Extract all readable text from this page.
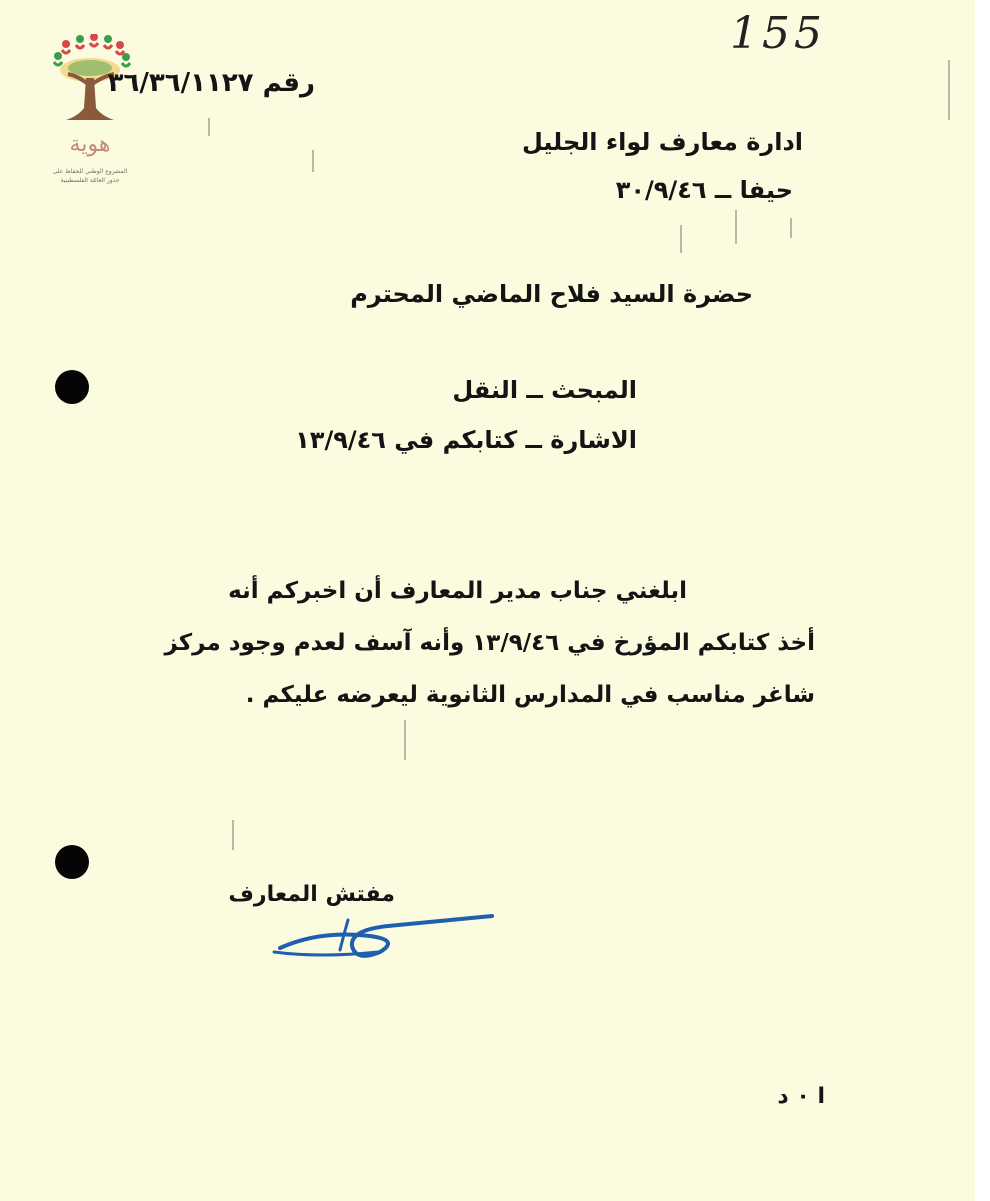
هوية
المشروع الوطني للحفاظ على
جذور العائلة الفلسطينية
155
رقم ٣٦/٣٦/١١٢٧
ادارة معارف لواء الجليل
حيفا ــ ٣٠/٩/٤٦
حضرة السيد فلاح الماضي المحترم
المبحث ــ النقل
الاشارة ــ كتابكم في ١٣/٩/٤٦
ابلغني جناب مدير المعارف أن اخبركم أنه
أخذ كتابكم المؤرخ في ١٣/٩/٤٦ وأنه آسف لعدم وجود مركز
شاغر مناسب في المدارس الثانوية ليعرضه عليكم .
مفتش المعارف
ا ٠ د
